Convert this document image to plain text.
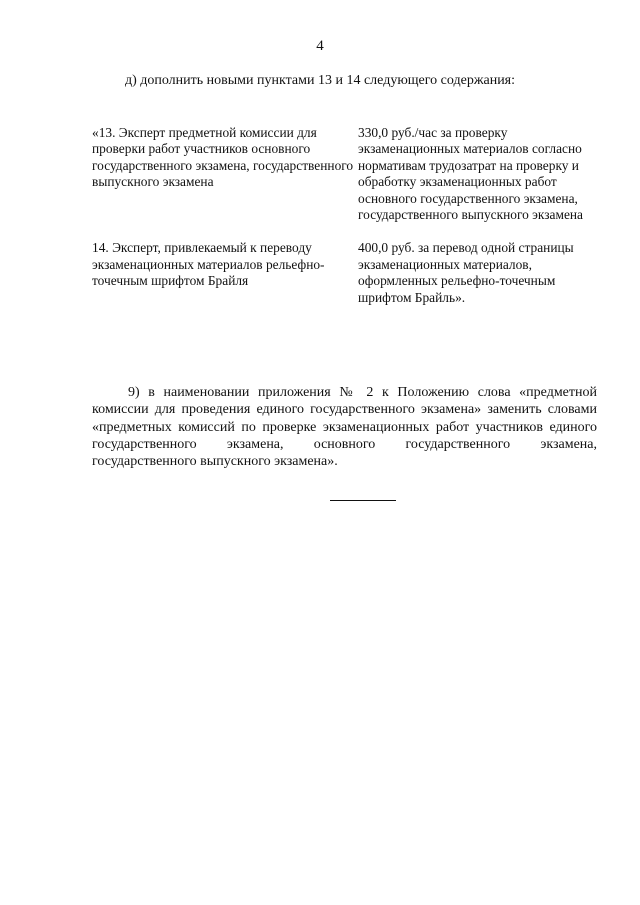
4
д) дополнить новыми пунктами 13 и 14 следующего содержания:
«13. Эксперт предметной комиссии для проверки работ участников основного государственного экзамена, государственного выпускного экзамена	330,0 руб./час за проверку экзаменационных материалов согласно нормативам трудозатрат на проверку и обработку экзаменационных работ основного государственного экзамена, государственного выпускного экзамена
14. Эксперт, привлекаемый к переводу экзаменационных материалов рельефно-точечным шрифтом Брайля	400,0 руб. за перевод одной страницы экзаменационных материалов, оформленных рельефно-точечным шрифтом Брайль».

9) в наименовании приложения № 2 к Положению слова «предметной комиссии для проведения единого государственного экзамена» заменить словами «предметных комиссий по проверке экзаменационных работ участников единого государственного экзамена, основного государственного экзамена, государственного выпускного экзамена».
